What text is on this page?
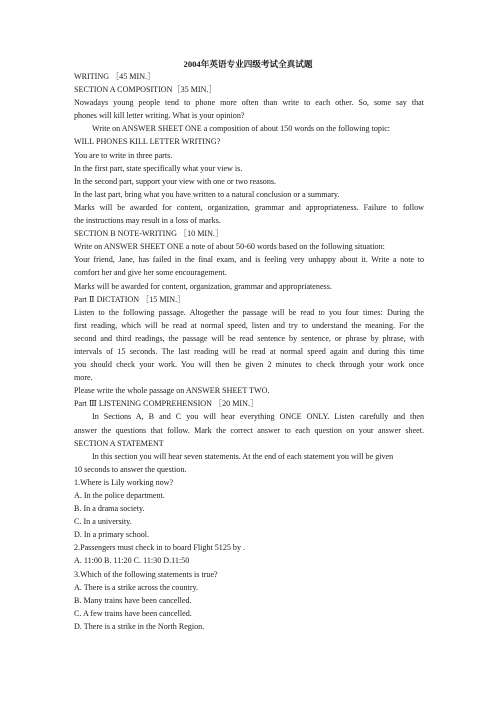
2004年英语专业四级考试全真试题
WRITING ［45 MIN.］
SECTION A COMPOSITION［35 MIN.］
Nowadays young people tend to phone more often than write to each other. So, some say that
phones will kill letter writing. What is your opinion?
Write on ANSWER SHEET ONE a composition of about 150 words on the following topic:
WILL PHONES KILL LETTER WRITING?
You are to write in three parts.
In the first part, state specifically what your view is.
In the second part, support your view with one or two reasons.
In the last part, bring what you have written to a natural conclusion or a summary.
Marks will be awarded for content, organization, grammar and appropriateness. Failure to follow
the instructions may result in a loss of marks.
SECTION B NOTE-WRITING ［10 MIN.］
Write on ANSWER SHEET ONE a note of about 50-60 words based on the following situation:
Your friend, Jane, has failed in the final exam, and is feeling very unhappy about it. Write a note to
comfort her and give her some encouragement.
Marks will be awarded for content, organization, grammar and appropriateness.
Part Ⅱ DICTATION ［15 MIN.］
Listen to the following passage. Altogether the passage will be read to you four times: During the
first reading, which will be read at normal speed, listen and try to understand the meaning. For the
second and third readings, the passage will be read sentence by sentence, or phrase by phrase, with
intervals of 15 seconds. The last reading will be read at normal speed again and during this time
you should check your work. You will then be given 2 minutes to check through your work once
more.
Please write the whole passage on ANSWER SHEET TWO.
Part Ⅲ LISTENING COMPREHENSION ［20 MIN.］
In Sections A, B and C you will hear everything ONCE ONLY. Listen carefully and then
answer the questions that follow. Mark the correct answer to each question on your answer sheet.
SECTION A STATEMENT
In this section you will hear seven statements. At the end of each statement you will be given
10 seconds to answer the question.
1.Where is Lily working now?
A. In the police department.
B. In a drama society.
C. In a university.
D. In a primary school.
2.Passengers must check in to board Flight 5125 by .
A. 11:00 B. 11:20 C. 11:30 D.11:50
3.Which of the following statements is true?
A. There is a strike across the country.
B. Many trains have been cancelled.
C. A few trains have been cancelled.
D. There is a strike in the North Region.
